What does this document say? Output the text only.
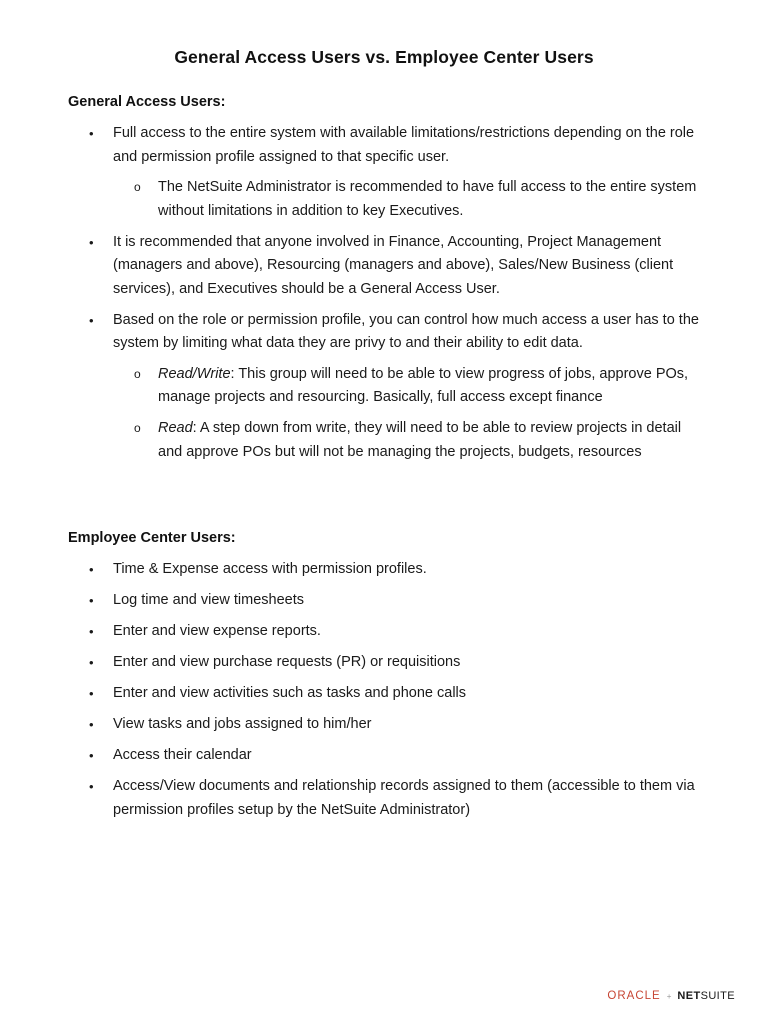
General Access Users vs. Employee Center Users
General Access Users:
• Full access to the entire system with available limitations/restrictions depending on the role and permission profile assigned to that specific user.
o The NetSuite Administrator is recommended to have full access to the entire system without limitations in addition to key Executives.
• It is recommended that anyone involved in Finance, Accounting, Project Management (managers and above), Resourcing (managers and above), Sales/New Business (client services), and Executives should be a General Access User.
• Based on the role or permission profile, you can control how much access a user has to the system by limiting what data they are privy to and their ability to edit data.
o Read/Write: This group will need to be able to view progress of jobs, approve POs, manage projects and resourcing. Basically, full access except finance
o Read: A step down from write, they will need to be able to review projects in detail and approve POs but will not be managing the projects, budgets, resources
Employee Center Users:
• Time & Expense access with permission profiles.
• Log time and view timesheets
• Enter and view expense reports.
• Enter and view purchase requests (PR) or requisitions
• Enter and view activities such as tasks and phone calls
• View tasks and jobs assigned to him/her
• Access their calendar
• Access/View documents and relationship records assigned to them (accessible to them via permission profiles setup by the NetSuite Administrator)
ORACLE + NETSUITE
